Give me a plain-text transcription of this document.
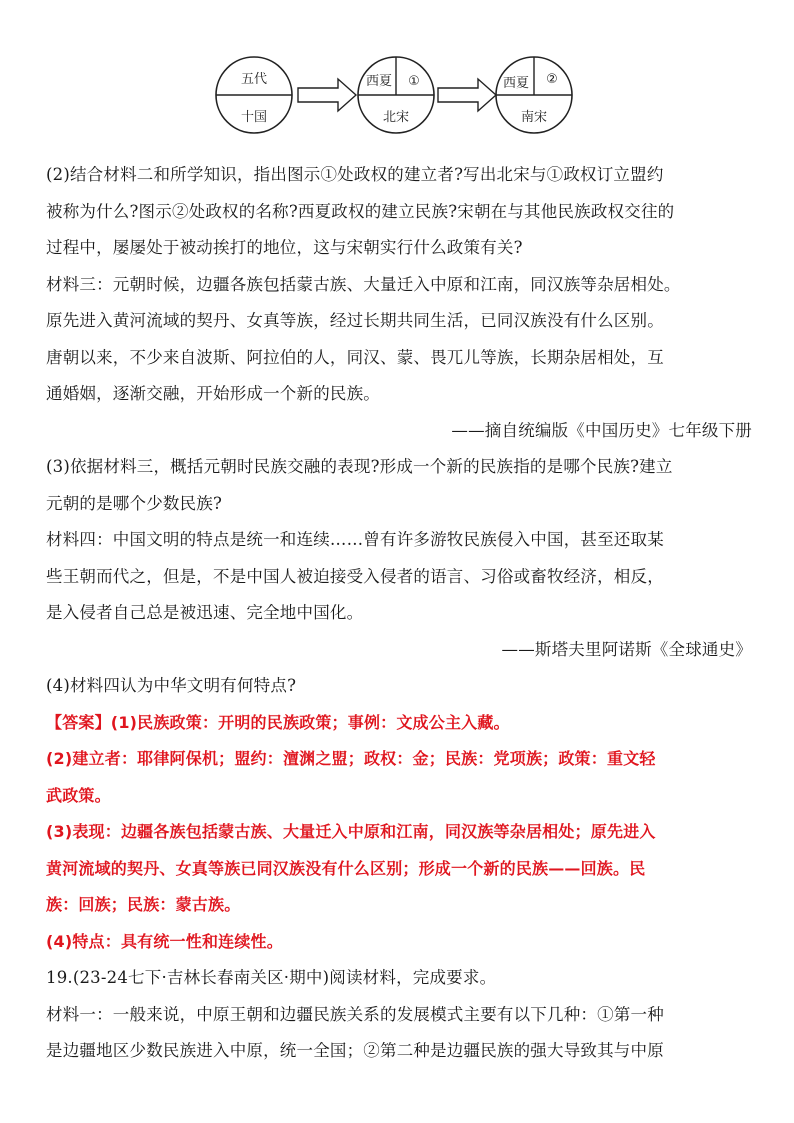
五代
十国
西夏 ①
北宋
西夏 ②
南宋
(2)结合材料二和所学知识，指出图示①处政权的建立者?写出北宋与①政权订立盟约
被称为什么?图示②处政权的名称?西夏政权的建立民族?宋朝在与其他民族政权交往的
过程中，屡屡处于被动挨打的地位，这与宋朝实行什么政策有关?
材料三：元朝时候，边疆各族包括蒙古族、大量迁入中原和江南，同汉族等杂居相处。
原先进入黄河流域的契丹、女真等族，经过长期共同生活，已同汉族没有什么区别。
唐朝以来，不少来自波斯、阿拉伯的人，同汉、蒙、畏兀儿等族，长期杂居相处，互
通婚姻，逐渐交融，开始形成一个新的民族。
——摘自统编版《中国历史》七年级下册
(3)依据材料三，概括元朝时民族交融的表现?形成一个新的民族指的是哪个民族?建立
元朝的是哪个少数民族?
材料四：中国文明的特点是统一和连续……曾有许多游牧民族侵入中国，甚至还取某
些王朝而代之，但是，不是中国人被迫接受入侵者的语言、习俗或畜牧经济，相反，
是入侵者自己总是被迅速、完全地中国化。
——斯塔夫里阿诺斯《全球通史》
(4)材料四认为中华文明有何特点?
【答案】(1)民族政策：开明的民族政策；事例：文成公主入藏。
(2)建立者：耶律阿保机；盟约：澶渊之盟；政权：金；民族：党项族；政策：重文轻
武政策。
(3)表现：边疆各族包括蒙古族、大量迁入中原和江南，同汉族等杂居相处；原先进入
黄河流域的契丹、女真等族已同汉族没有什么区别；形成一个新的民族——回族。民
族：回族；民族：蒙古族。
(4)特点：具有统一性和连续性。
19.(23-24七下·吉林长春南关区·期中)阅读材料，完成要求。
材料一：一般来说，中原王朝和边疆民族关系的发展模式主要有以下几种：①第一种
是边疆地区少数民族进入中原，统一全国；②第二种是边疆民族的强大导致其与中原
